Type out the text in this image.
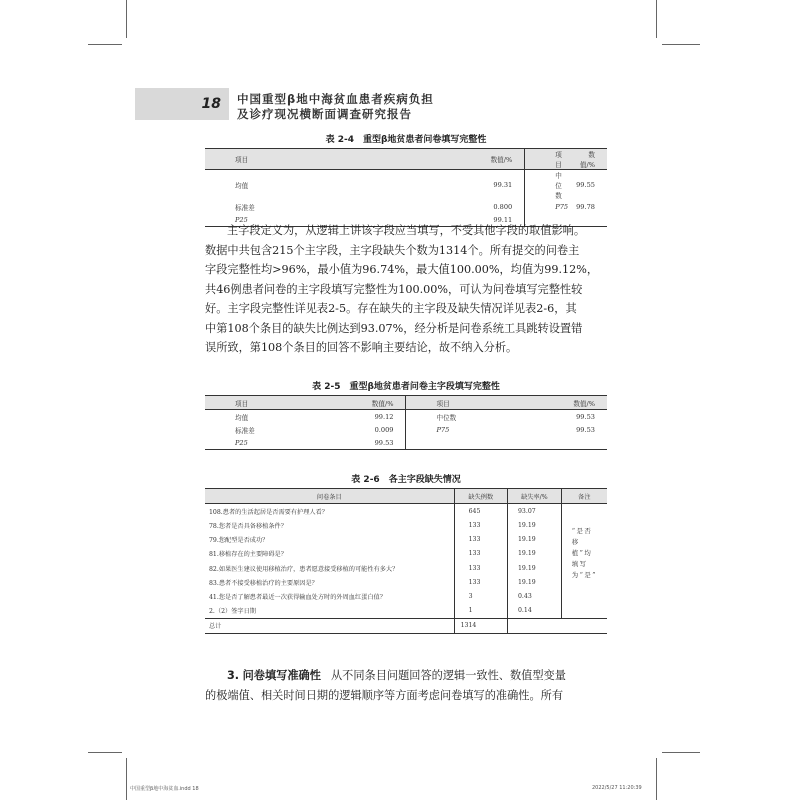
18	中国重型β地中海贫血患者疾病负担
及诊疗现况横断面调查研究报告
表 2-4　重型β地贫患者问卷填写完整性
项目	数值/%	项目	数值/%
均值	99.31	中位数	99.55
标准差	0.800	P75	99.78
P25	99.11		
主字段定义为，从逻辑上讲该字段应当填写，不受其他字段的取值影响。
数据中共包含215个主字段，主字段缺失个数为1314个。所有提交的问卷主
字段完整性均>96%，最小值为96.74%，最大值100.00%，均值为99.12%，
共46例患者问卷的主字段填写完整性为100.00%，可认为问卷填写完整性较
好。主字段完整性详见表2-5。存在缺失的主字段及缺失情况详见表2-6，其
中第108个条目的缺失比例达到93.07%，经分析是问卷系统工具跳转设置错
误所致，第108个条目的回答不影响主要结论，故不纳入分析。
表 2-5　重型β地贫患者问卷主字段填写完整性
项目	数值/%	项目	数值/%
均值	99.12	中位数	99.53
标准差	0.009	P75	99.53
P25	99.53		
表 2-6　各主字段缺失情况
问卷条目	缺失例数	缺失率/%	备注
108.患者的生活起居是否需要有护理人看？	645	93.07	
78.您者是否具备移植条件？	133	19.19	“是否移植”均填写为“是”
79.您配型是否成功？	133	19.19	
81.移植存在的主要障碍是？	133	19.19	
82.如果医生建议使用移植治疗，患者愿意接受移植的可能性有多大？	133	19.19	
83.患者不接受移植治疗的主要原因是？	133	19.19	
41.您是否了解患者最近一次获得输血处方时的外周血红蛋白值？	3	0.43	
2.（2）签字日期	1	0.14	
总计	1314		
3. 问卷填写准确性 从不同条目问题回答的逻辑一致性、数值型变量
的极端值、相关时间日期的逻辑顺序等方面考虑问卷填写的准确性。所有
中国重型β地中海贫血.indd 18	2022/5/27 11:20:39
